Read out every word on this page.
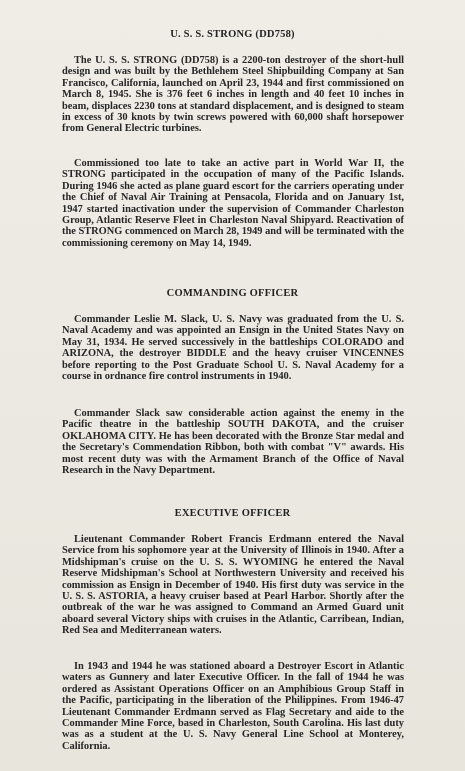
U. S. S. STRONG (DD758)
The U. S. S. STRONG (DD758) is a 2200-ton destroyer of the short-hull design and was built by the Bethlehem Steel Shipbuilding Company at San Francisco, California, launched on April 23, 1944 and first commissioned on March 8, 1945. She is 376 feet 6 inches in length and 40 feet 10 inches in beam, displaces 2230 tons at standard displacement, and is designed to steam in excess of 30 knots by twin screws powered with 60,000 shaft horsepower from General Electric turbines.
Commissioned too late to take an active part in World War II, the STRONG participated in the occupation of many of the Pacific Islands. During 1946 she acted as plane guard escort for the carriers operating under the Chief of Naval Air Training at Pensacola, Florida and on January 1st, 1947 started inactivation under the supervision of Commander Charleston Group, Atlantic Reserve Fleet in Charleston Naval Shipyard. Reactivation of the STRONG commenced on March 28, 1949 and will be terminated with the commissioning ceremony on May 14, 1949.
COMMANDING OFFICER
Commander Leslie M. Slack, U. S. Navy was graduated from the U. S. Naval Academy and was appointed an Ensign in the United States Navy on May 31, 1934. He served successively in the battleships COLORADO and ARIZONA, the destroyer BIDDLE and the heavy cruiser VINCENNES before reporting to the Post Graduate School U. S. Naval Academy for a course in ordnance fire control instruments in 1940.
Commander Slack saw considerable action against the enemy in the Pacific theatre in the battleship SOUTH DAKOTA, and the cruiser OKLAHOMA CITY. He has been decorated with the Bronze Star medal and the Secretary's Commendation Ribbon, both with combat "V" awards. His most recent duty was with the Armament Branch of the Office of Naval Research in the Navy Department.
EXECUTIVE OFFICER
Lieutenant Commander Robert Francis Erdmann entered the Naval Service from his sophomore year at the University of Illinois in 1940. After a Midshipman's cruise on the U. S. S. WYOMING he entered the Naval Reserve Midshipman's School at Northwestern University and received his commission as Ensign in December of 1940. His first duty was service in the U. S. S. ASTORIA, a heavy cruiser based at Pearl Harbor. Shortly after the outbreak of the war he was assigned to Command an Armed Guard unit aboard several Victory ships with cruises in the Atlantic, Carribean, Indian, Red Sea and Mediterranean waters.
In 1943 and 1944 he was stationed aboard a Destroyer Escort in Atlantic waters as Gunnery and later Executive Officer. In the fall of 1944 he was ordered as Assistant Operations Officer on an Amphibious Group Staff in the Pacific, participating in the liberation of the Philippines. From 1946-47 Lieutenant Commander Erdmann served as Flag Secretary and aide to the Commander Mine Force, based in Charleston, South Carolina. His last duty was as a student at the U. S. Navy General Line School at Monterey, California.
